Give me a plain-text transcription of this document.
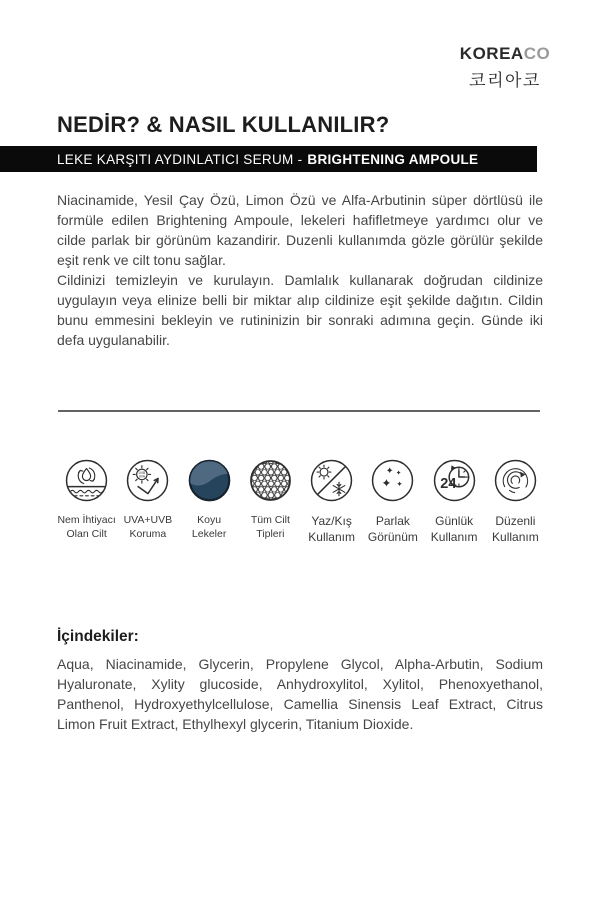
KOREACO
코리아코
NEDİR? & NASIL KULLANILIR?
LEKE KARŞITI AYDINLATICI SERUM - BRIGHTENING AMPOULE
Niacinamide, Yesil Çay Özü, Limon Özü ve Alfa-Arbutinin süper dörtlüsü ile formüle edilen Brightening Ampoule, lekeleri hafifletmeye yardımcı olur ve cilde parlak bir görünüm kazandirir. Duzenli kullanımda gözle görülür şekilde eşit renk ve cilt tonu sağlar.
Cildinizi temizleyin ve kurulayın. Damlalık kullanarak doğrudan cildinize uygulayın veya elinize belli bir miktar alıp cildinize eşit şekilde dağıtın. Cildin bunu emmesini bekleyin ve rutininizin bir sonraki adımına geçin. Günde iki defa uygulanabilir.
Nem İhtiyacı
Olan Cilt
UVB
UVA
UVA+UVB
Koruma
Koyu
Lekeler
Tüm Cilt
Tipleri
Yaz/Kış
Kullanım
Parlak
Görünüm
24
Günlük
Kullanım
Düzenli
Kullanım
İçindekiler:
Aqua, Niacinamide, Glycerin, Propylene Glycol, Alpha-Arbutin, Sodium Hyaluronate, Xylity glucoside, Anhydroxylitol, Xylitol, Phenoxyethanol, Panthenol, Hydroxyethylcellulose, Camellia Sinensis Leaf Extract, Citrus Limon Fruit Extract, Ethylhexyl glycerin, Titanium Dioxide.
